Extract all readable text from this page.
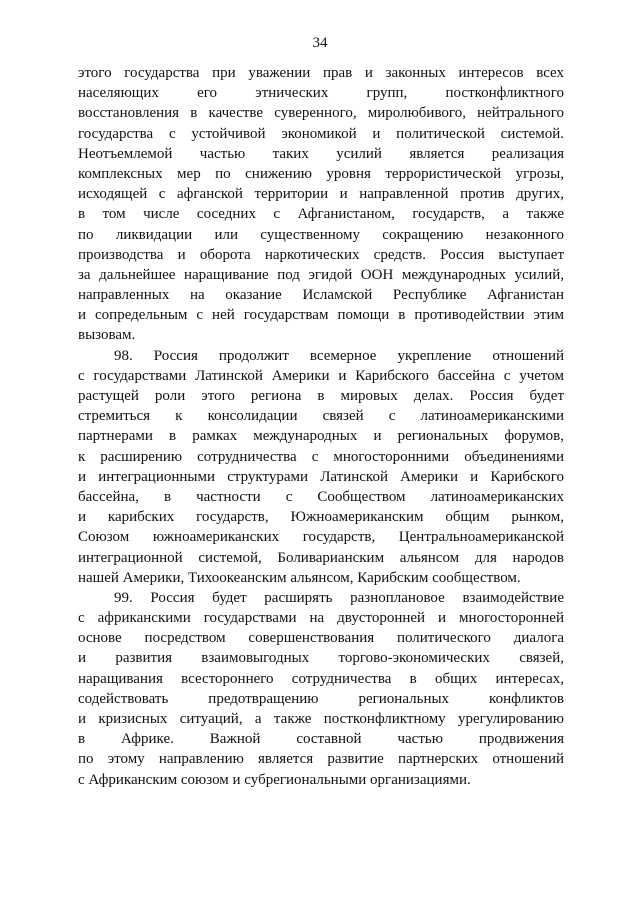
34
этого государства при уважении прав и законных интересов всех
населяющих его этнических групп, постконфликтного
восстановления в качестве суверенного, миролюбивого, нейтрального
государства с устойчивой экономикой и политической системой.
Неотъемлемой частью таких усилий является реализация
комплексных мер по снижению уровня террористической угрозы,
исходящей с афганской территории и направленной против других,
в том числе соседних с Афганистаном, государств, а также
по ликвидации или существенному сокращению незаконного
производства и оборота наркотических средств. Россия выступает
за дальнейшее наращивание под эгидой ООН международных усилий,
направленных на оказание Исламской Республике Афганистан
и сопредельным с ней государствам помощи в противодействии этим
вызовам.
98. Россия продолжит всемерное укрепление отношений
с государствами Латинской Америки и Карибского бассейна с учетом
растущей роли этого региона в мировых делах. Россия будет
стремиться к консолидации связей с латиноамериканскими
партнерами в рамках международных и региональных форумов,
к расширению сотрудничества с многосторонними объединениями
и интеграционными структурами Латинской Америки и Карибского
бассейна, в частности с Сообществом латиноамериканских
и карибских государств, Южноамериканским общим рынком,
Союзом южноамериканских государств, Центральноамериканской
интеграционной системой, Боливарианским альянсом для народов
нашей Америки, Тихоокеанским альянсом, Карибским сообществом.
99. Россия будет расширять разноплановое взаимодействие
с африканскими государствами на двусторонней и многосторонней
основе посредством совершенствования политического диалога
и развития взаимовыгодных торгово-экономических связей,
наращивания всестороннего сотрудничества в общих интересах,
содействовать предотвращению региональных конфликтов
и кризисных ситуаций, а также постконфликтному урегулированию
в Африке. Важной составной частью продвижения
по этому направлению является развитие партнерских отношений
с Африканским союзом и субрегиональными организациями.
